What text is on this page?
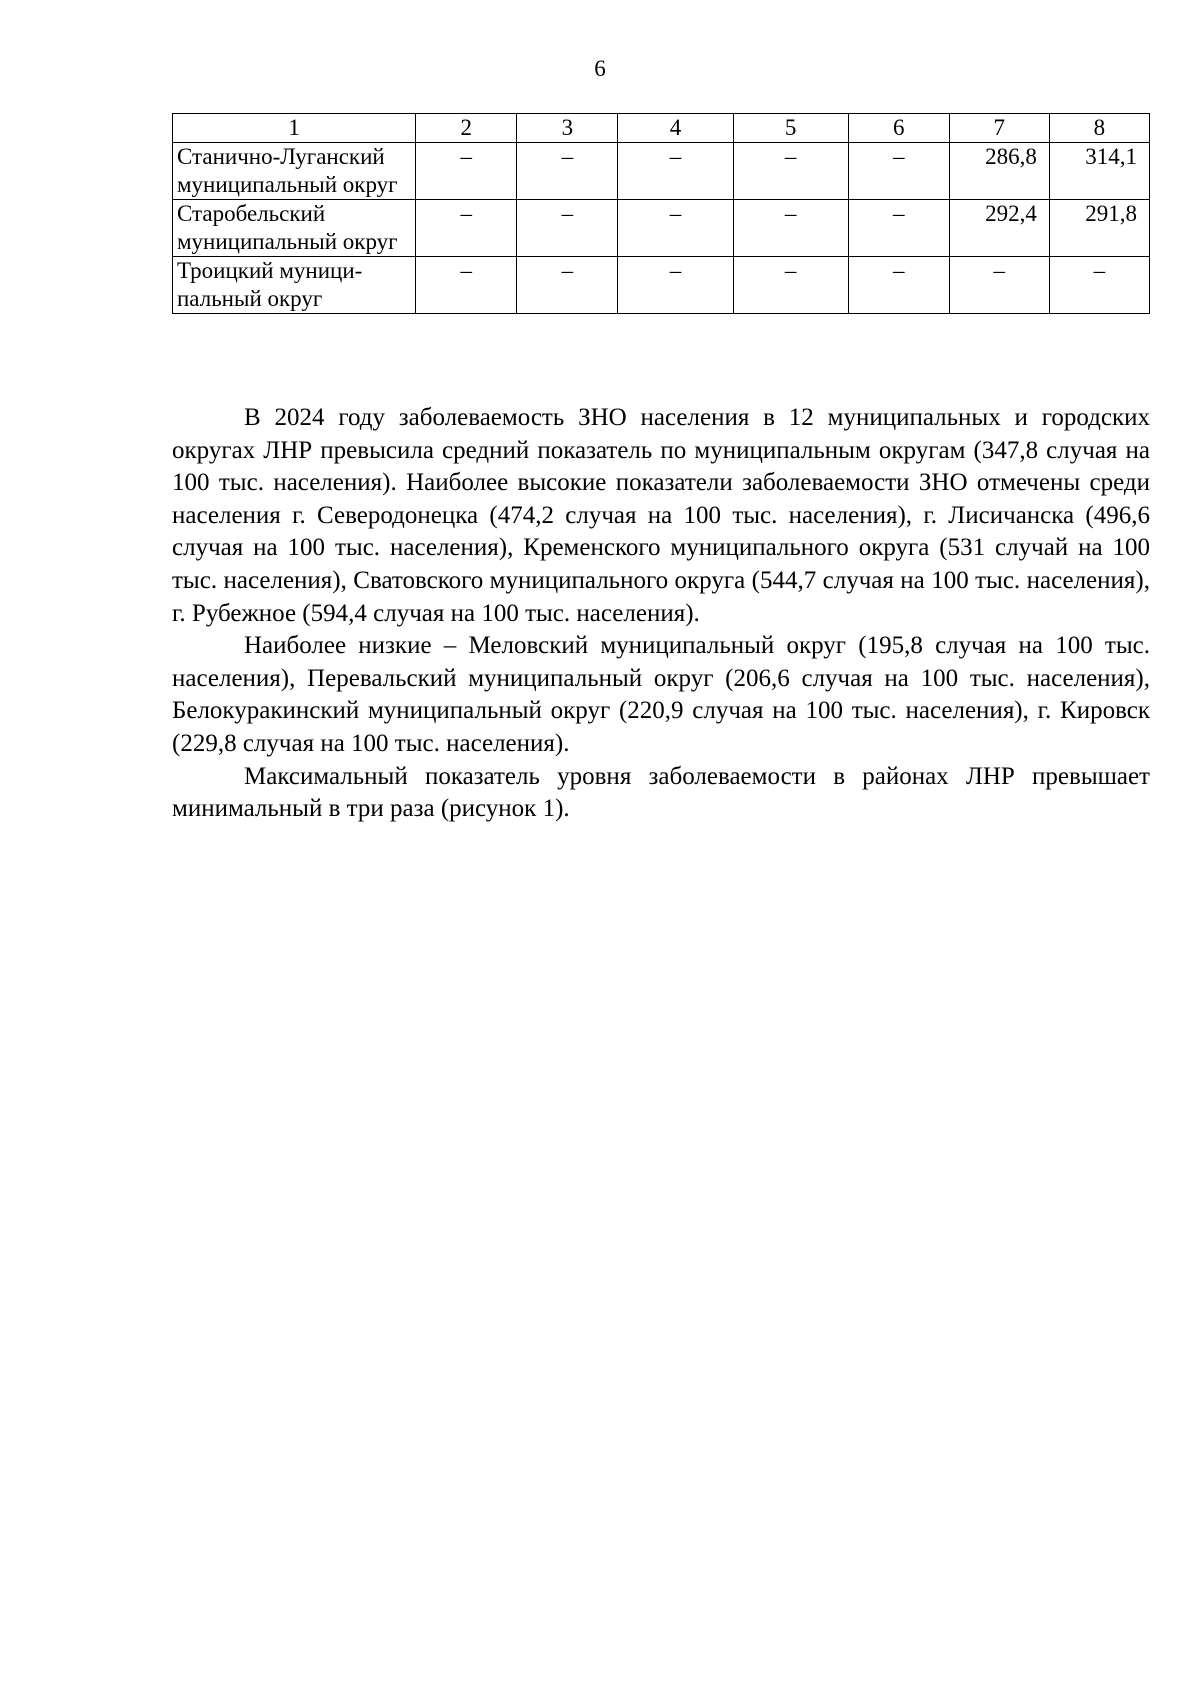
6
1	2	3	4	5	6	7	8
Станично-Луганский муниципальный округ	–	–	–	–	–	286,8	314,1
Старобельский муниципальный округ	–	–	–	–	–	292,4	291,8
Троицкий муници-пальный округ	–	–	–	–	–	–	–

В 2024 году заболеваемость ЗНО населения в 12 муниципальных и городских округах ЛНР превысила средний показатель по муниципальным округам (347,8 случая на 100 тыс. населения). Наиболее высокие показатели заболеваемости ЗНО отмечены среди населения г. Северодонецка (474,2 случая на 100 тыс. населения), г. Лисичанска (496,6 случая на 100 тыс. населения), Кременского муниципального округа (531 случай на 100 тыс. населения), Сватовского муниципального округа (544,7 случая на 100 тыс. населения), г. Рубежное (594,4 случая на 100 тыс. населения).

Наиболее низкие – Меловский муниципальный округ (195,8 случая на 100 тыс. населения), Перевальский муниципальный округ (206,6 случая на 100 тыс. населения), Белокуракинский муниципальный округ (220,9 случая на 100 тыс. населения), г. Кировск (229,8 случая на 100 тыс. населения).

Максимальный показатель уровня заболеваемости в районах ЛНР превышает минимальный в три раза (рисунок 1).
